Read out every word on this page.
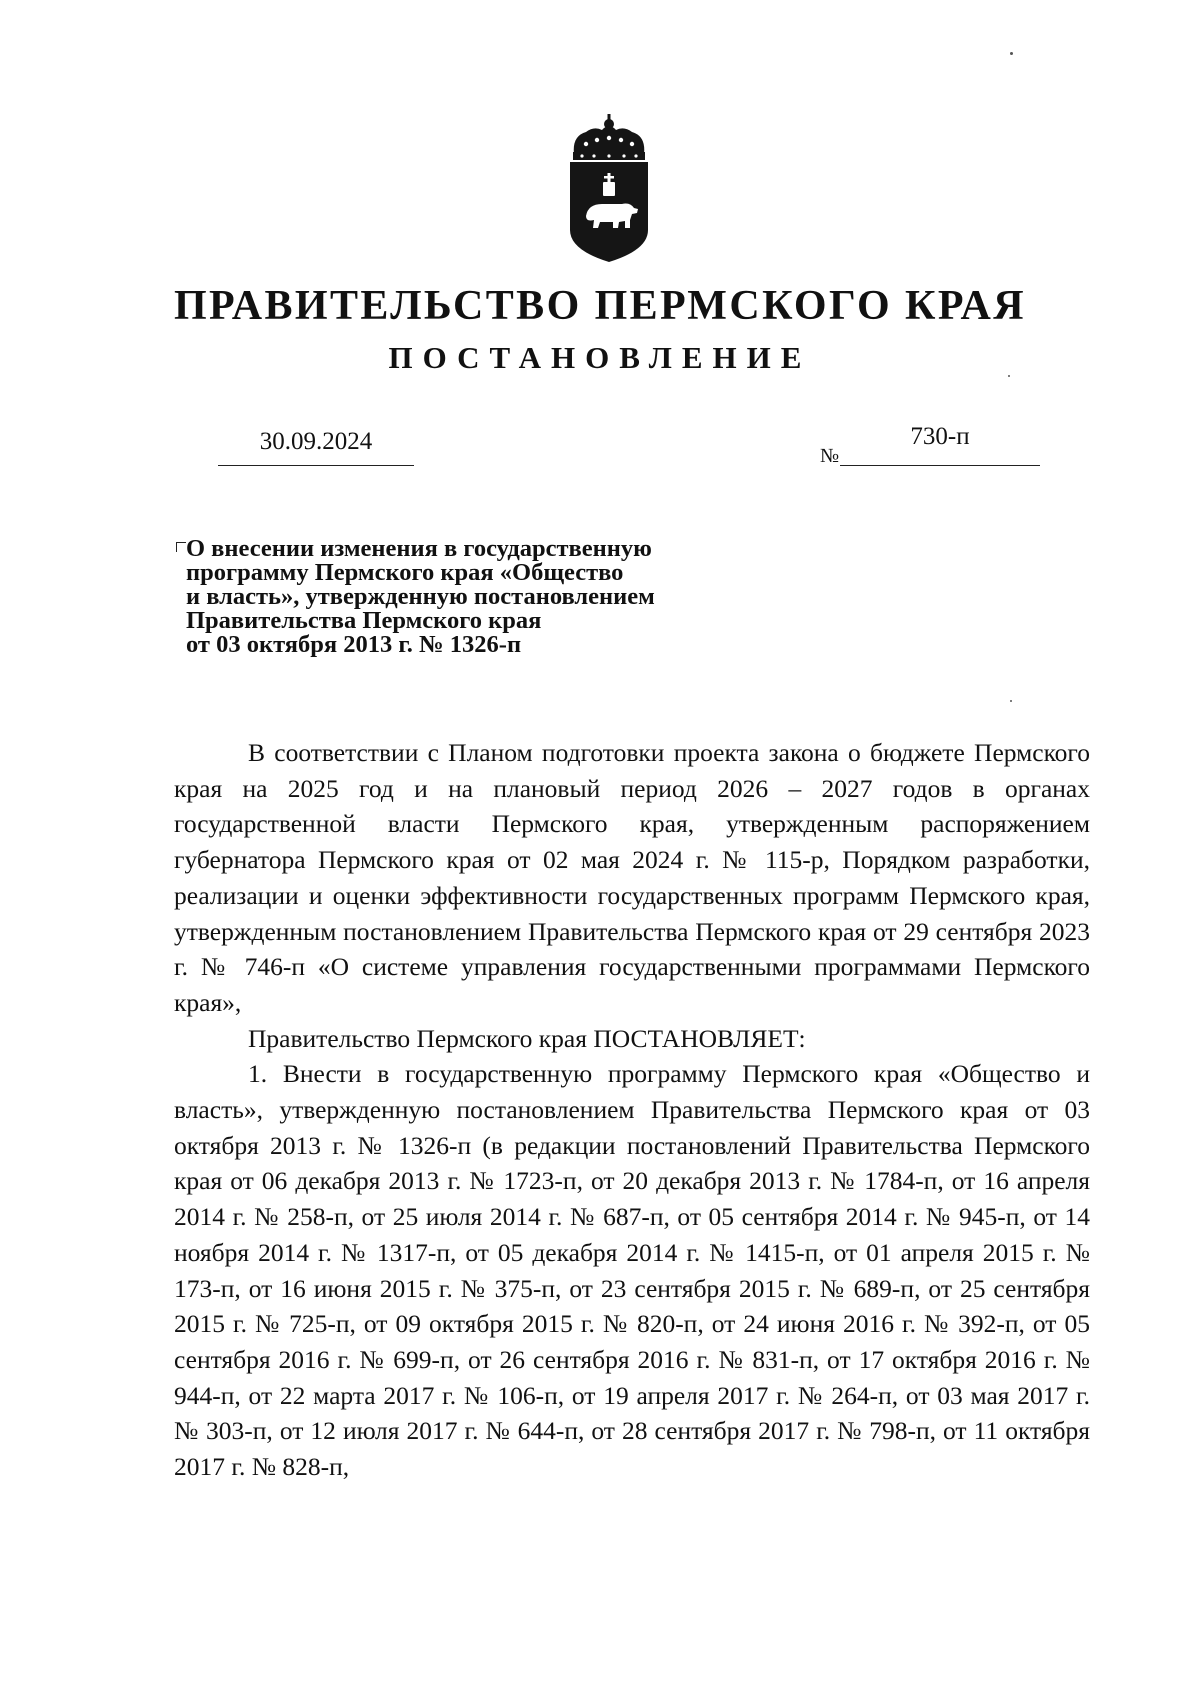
ПРАВИТЕЛЬСТВО ПЕРМСКОГО КРАЯ
ПОСТАНОВЛЕНИЕ
30.09.2024
№
730-п
О внесении изменения в государственную
программу Пермского края «Общество
и власть», утвержденную постановлением
Правительства Пермского края
от 03 октября 2013 г. № 1326-п

В соответствии с Планом подготовки проекта закона о бюджете Пермского края на 2025 год и на плановый период 2026 – 2027 годов в органах государственной власти Пермского края, утвержденным распоряжением губернатора Пермского края от 02 мая 2024 г. № 115-р, Порядком разработки, реализации и оценки эффективности государственных программ Пермского края, утвержденным постановлением Правительства Пермского края от 29 сентября 2023 г. № 746-п «О системе управления государственными программами Пермского края»,

Правительство Пермского края ПОСТАНОВЛЯЕТ:

1. Внести в государственную программу Пермского края «Общество и власть», утвержденную постановлением Правительства Пермского края от 03 октября 2013 г. № 1326-п (в редакции постановлений Правительства Пермского края от 06 декабря 2013 г. № 1723-п, от 20 декабря 2013 г. № 1784-п, от 16 апреля 2014 г. № 258-п, от 25 июля 2014 г. № 687-п, от 05 сентября 2014 г. № 945-п, от 14 ноября 2014 г. № 1317-п, от 05 декабря 2014 г. № 1415-п, от 01 апреля 2015 г. № 173-п, от 16 июня 2015 г. № 375-п, от 23 сентября 2015 г. № 689-п, от 25 сентября 2015 г. № 725-п, от 09 октября 2015 г. № 820-п, от 24 июня 2016 г. № 392-п, от 05 сентября 2016 г. № 699-п, от 26 сентября 2016 г. № 831-п, от 17 октября 2016 г. № 944-п, от 22 марта 2017 г. № 106-п, от 19 апреля 2017 г. № 264-п, от 03 мая 2017 г. № 303-п, от 12 июля 2017 г. № 644-п, от 28 сентября 2017 г. № 798-п, от 11 октября 2017 г. № 828-п,
